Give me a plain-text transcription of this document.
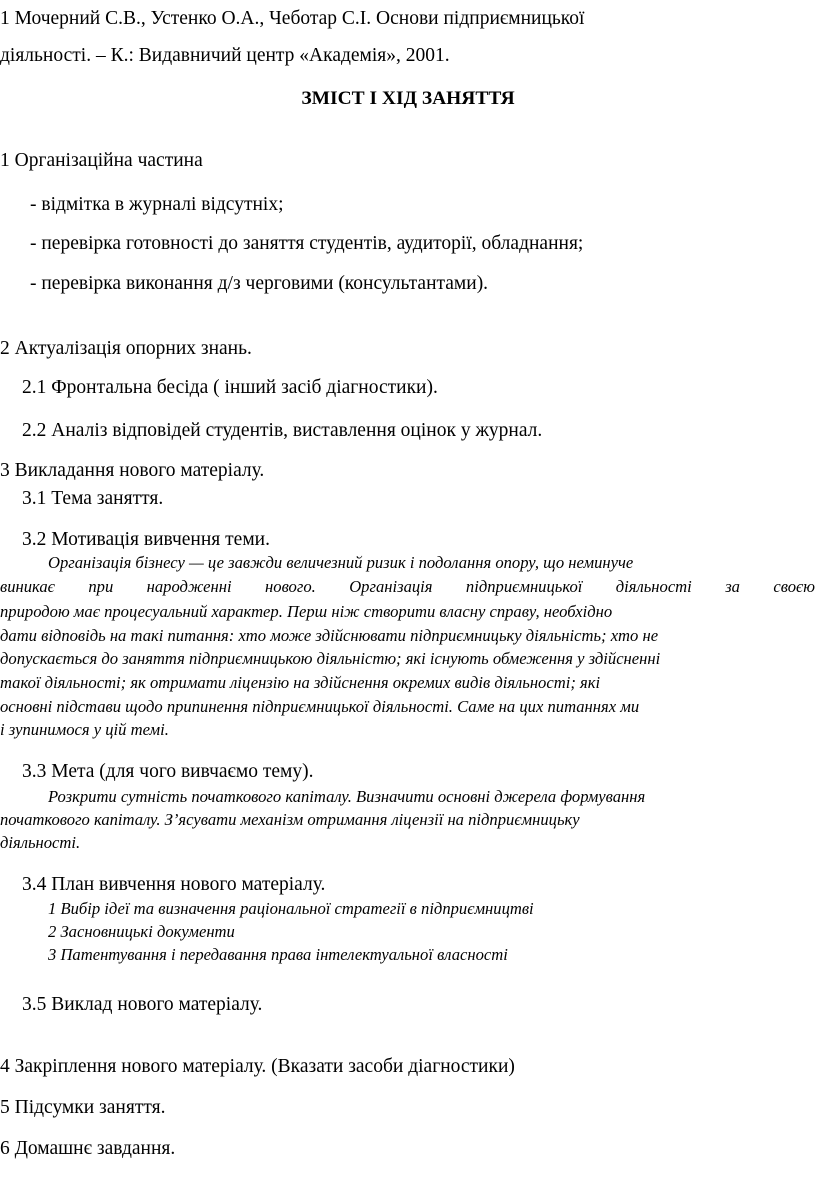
1 Мочерний С.В., Устенко О.А., Чеботар С.І. Основи підприємницької
діяльності. – К.: Видавничий центр «Академія», 2001.
ЗМІСТ І ХІД ЗАНЯТТЯ
1 Організаційна частина
- відмітка в журналі відсутніх;
- перевірка готовності до заняття студентів, аудиторії, обладнання;
- перевірка виконання д/з черговими (консультантами).
2 Актуалізація опорних знань.
2.1 Фронтальна бесіда ( інший засіб діагностики).
2.2 Аналіз відповідей студентів, виставлення оцінок у журнал.
3 Викладання нового матеріалу.
3.1 Тема заняття.
3.2 Мотивація вивчення теми.
Організація бізнесу — це завжди величезний ризик і подолання опору, що неминуче
виникає при народженні нового. Організація підприємницької діяльності за своєю
природою має процесуальний характер. Перш ніж створити власну справу, необхідно
дати відповідь на такі питання: хто може здійснювати підприємницьку діяльність; хто не
допускається до заняття підприємницькою діяльністю; які існують обмеження у здійсненні
такої діяльності; як отримати ліцензію на здійснення окремих видів діяльності; які
основні підстави щодо припинення підприємницької діяльності. Саме на цих питаннях ми
і зупинимося у цій темі.
3.3 Мета (для чого вивчаємо тему).
Розкрити сутність початкового капіталу. Визначити основні джерела формування
початкового капіталу. З’ясувати механізм отримання ліцензії на підприємницьку
діяльності.
3.4 План вивчення нового матеріалу.
1 Вибір ідеї та визначення раціональної стратегії в підприємництві
2 Засновницькі документи
3 Патентування і передавання права інтелектуальної власності
3.5 Виклад нового матеріалу.
4 Закріплення нового матеріалу. (Вказати засоби діагностики)
5 Підсумки заняття.
6 Домашнє завдання.
